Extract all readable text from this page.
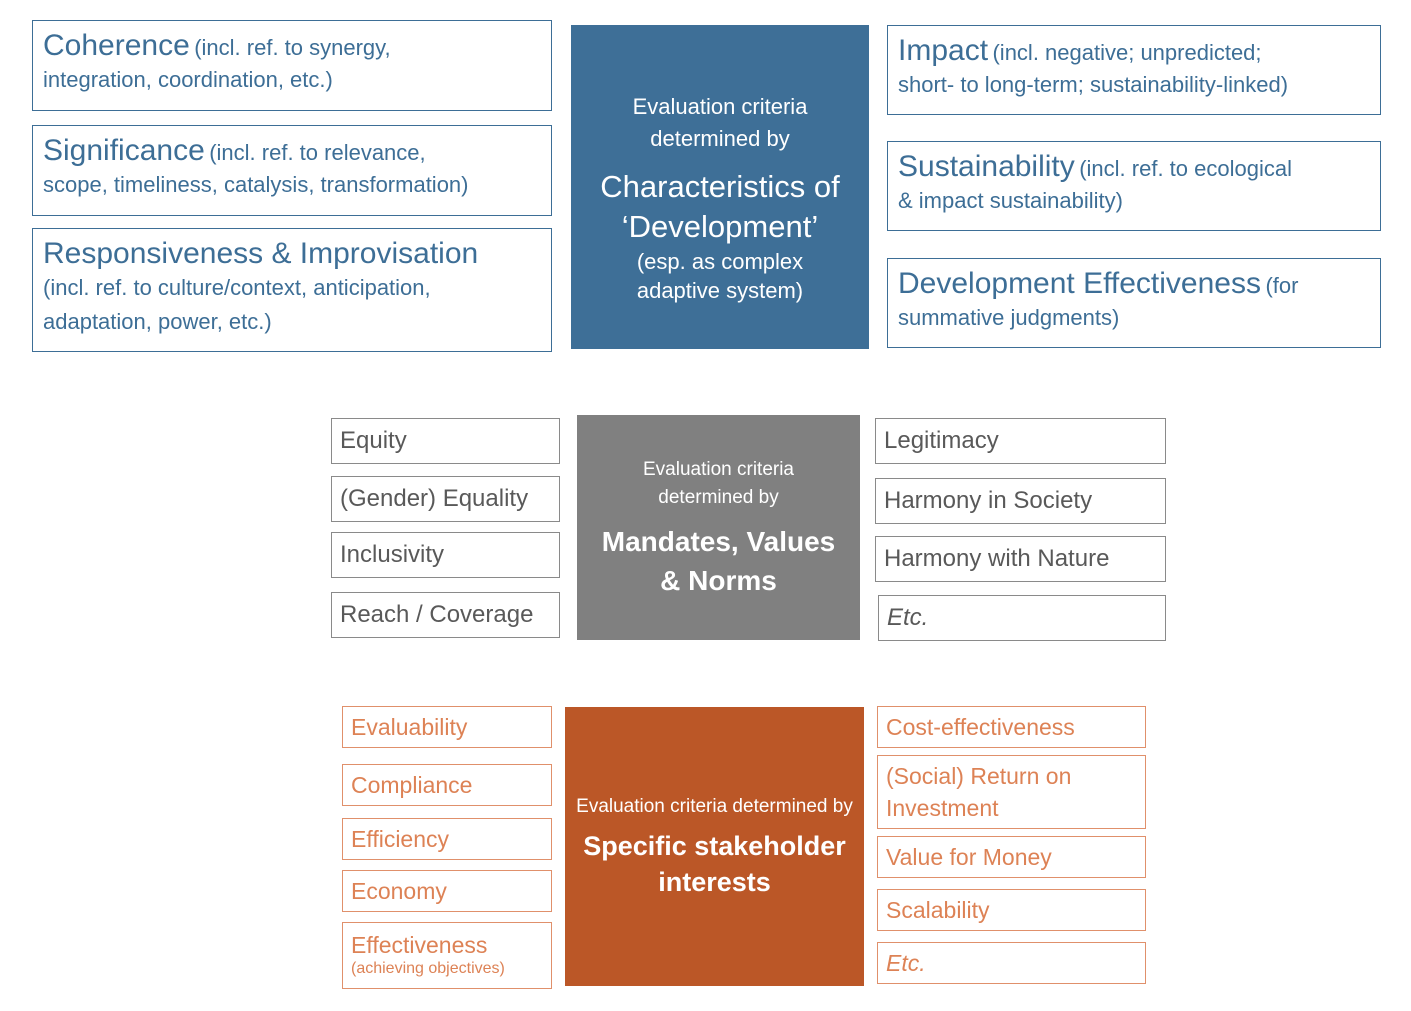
Coherence (incl. ref. to synergy,
integration, coordination, etc.)
Significance (incl. ref. to relevance,
scope, timeliness, catalysis, transformation)
Responsiveness & Improvisation
(incl. ref. to culture/context, anticipation,
adaptation, power, etc.)
Evaluation criteria determined by
Characteristics of
‘Development’
(esp. as complex adaptive system)
Impact (incl. negative; unpredicted;
short- to long-term; sustainability-linked)
Sustainability (incl. ref. to ecological
& impact sustainability)
Development Effectiveness (for
summative judgments)
Equity
(Gender) Equality
Inclusivity
Reach / Coverage
Evaluation criteria determined by
Mandates, Values
& Norms
Legitimacy
Harmony in Society
Harmony with Nature
Etc.
Evaluability
Compliance
Efficiency
Economy
Effectiveness
(achieving objectives)
Evaluation criteria determined by
Specific stakeholder
interests
Cost-effectiveness
(Social) Return on
Investment
Value for Money
Scalability
Etc.
